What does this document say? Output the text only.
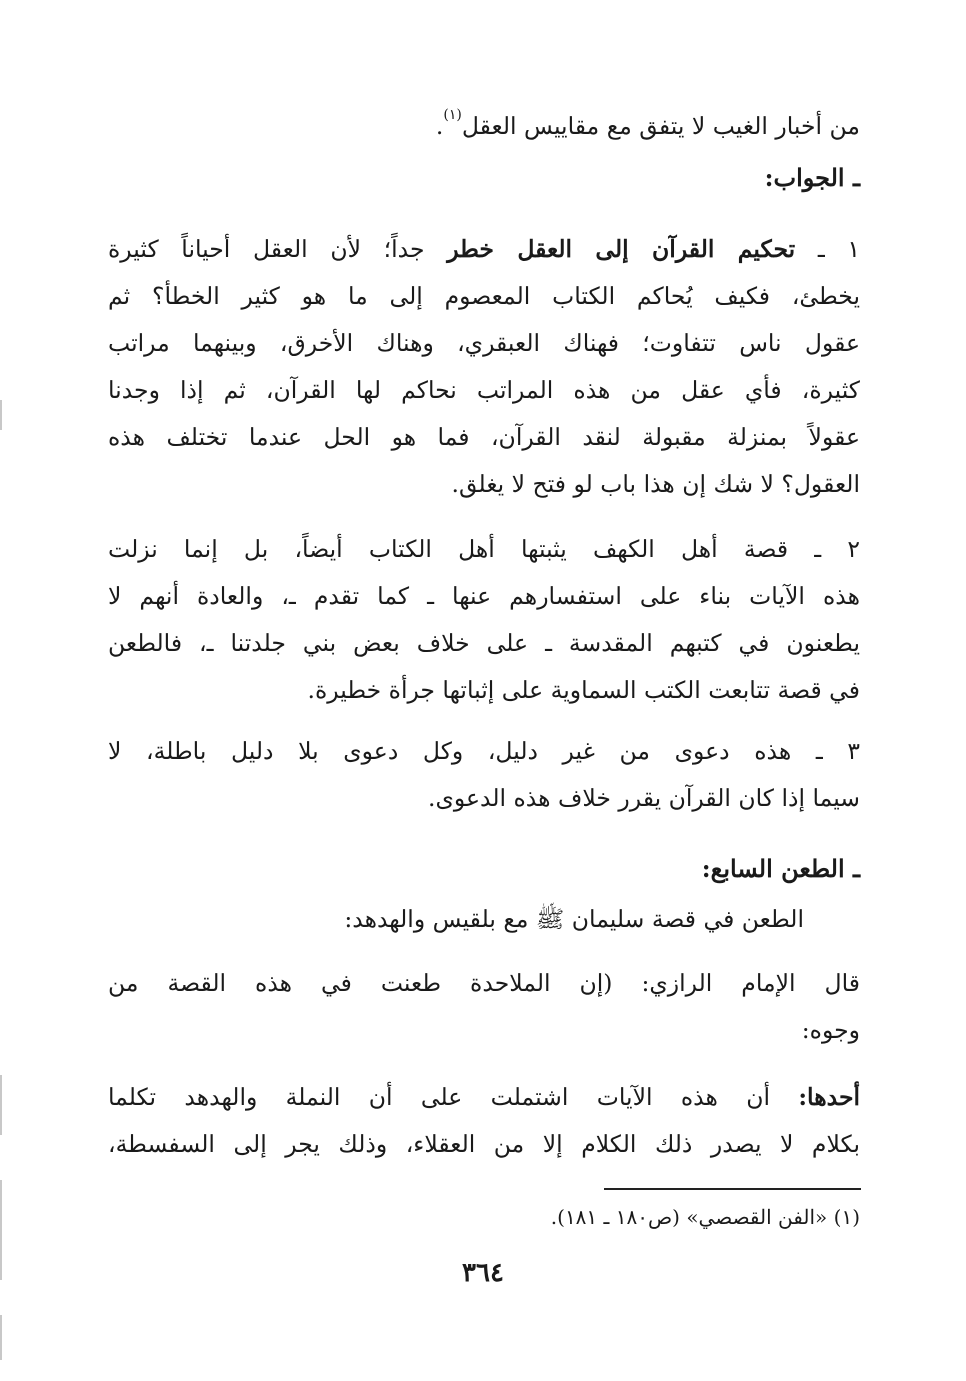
من أخبار الغيب لا يتفق مع مقاييس العقل$^{(١)}$.
ـ الجواب:
١ ـ تحكيم القرآن إلى العقل خطر جداً؛ لأن العقل أحياناً كثيرة
يخطئ، فكيف يُحاكم الكتاب المعصوم إلى ما هو كثير الخطأ؟ ثم
عقول ناس تتفاوت؛ فهناك العبقري، وهناك الأخرق، وبينهما مراتب
كثيرة، فأي عقل من هذه المراتب نحاكم لها القرآن، ثم إذا وجدنا
عقولاً بمنزلة مقبولة لنقد القرآن، فما هو الحل عندما تختلف هذه
العقول؟ لا شك إن هذا باب لو فتح لا يغلق.
٢ ـ قصة أهل الكهف يثبتها أهل الكتاب أيضاً، بل إنما نزلت
هذه الآيات بناء على استفسارهم عنها ـ كما تقدم ـ، والعادة أنهم لا
يطعنون في كتبهم المقدسة ـ على خلاف بعض بني جلدتنا ـ، فالطعن
في قصة تتابعت الكتب السماوية على إثباتها جرأة خطيرة.
٣ ـ هذه دعوى من غير دليل، وكل دعوى بلا دليل باطلة، لا
سيما إذا كان القرآن يقرر خلاف هذه الدعوى.
ـ الطعن السابع:
الطعن في قصة سليمان ﷺ مع بلقيس والهدهد:
قال الإمام الرازي: (إن الملاحدة طعنت في هذه القصة من
وجوه:
أحدها: أن هذه الآيات اشتملت على أن النملة والهدهد تكلما
بكلام لا يصدر ذلك الكلام إلا من العقلاء، وذلك يجر إلى السفسطة،
(١) «الفن القصصي» (ص١٨٠ ـ ١٨١).
٣٦٤
